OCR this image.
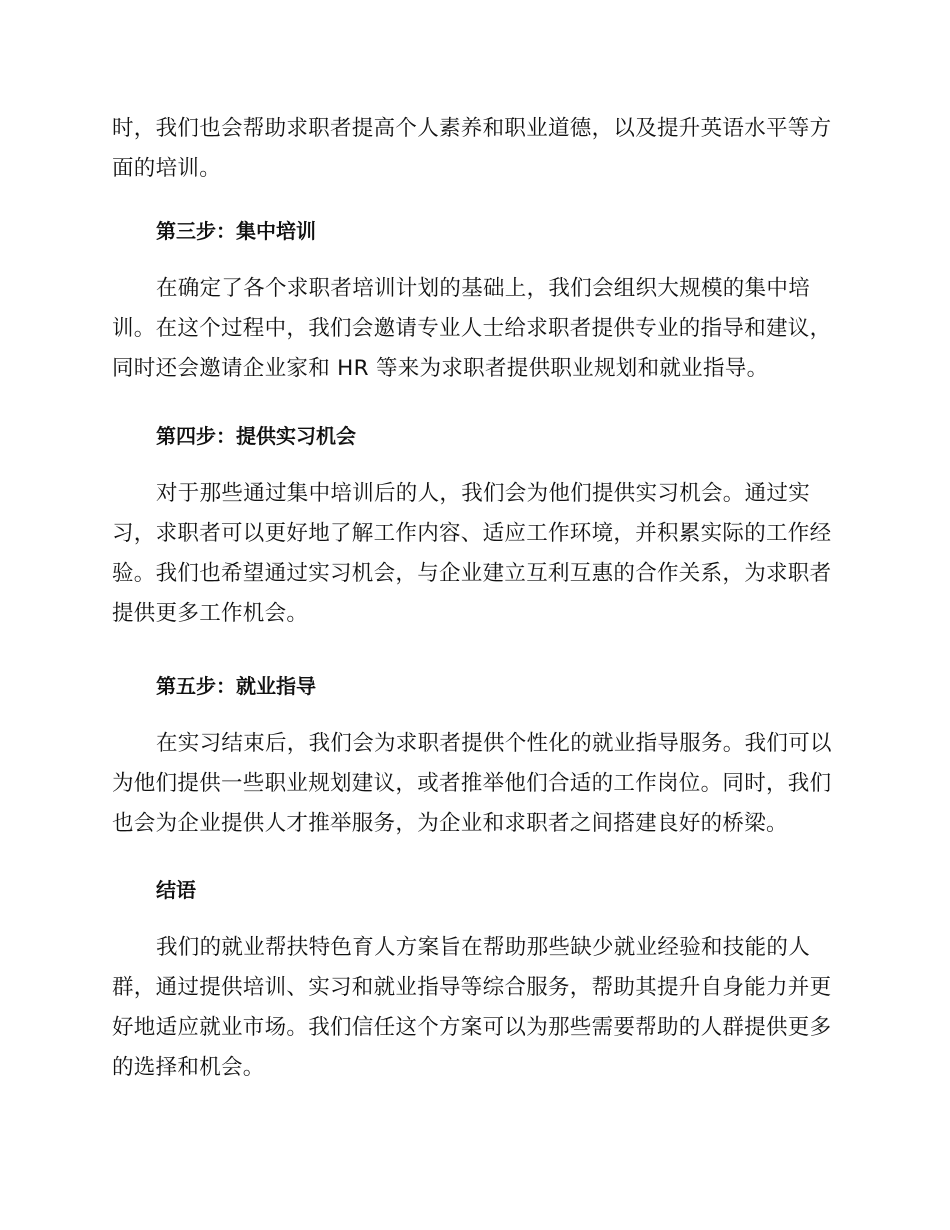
时，我们也会帮助求职者提高个人素养和职业道德，以及提升英语水平等方
面的培训。
第三步：集中培训
在确定了各个求职者培训计划的基础上，我们会组织大规模的集中培
训。在这个过程中，我们会邀请专业人士给求职者提供专业的指导和建议，
同时还会邀请企业家和 HR 等来为求职者提供职业规划和就业指导。
第四步：提供实习机会
对于那些通过集中培训后的人，我们会为他们提供实习机会。通过实
习，求职者可以更好地了解工作内容、适应工作环境，并积累实际的工作经
验。我们也希望通过实习机会，与企业建立互利互惠的合作关系，为求职者
提供更多工作机会。
第五步：就业指导
在实习结束后，我们会为求职者提供个性化的就业指导服务。我们可以
为他们提供一些职业规划建议，或者推举他们合适的工作岗位。同时，我们
也会为企业提供人才推举服务，为企业和求职者之间搭建良好的桥梁。
结语
我们的就业帮扶特色育人方案旨在帮助那些缺少就业经验和技能的人
群，通过提供培训、实习和就业指导等综合服务，帮助其提升自身能力并更
好地适应就业市场。我们信任这个方案可以为那些需要帮助的人群提供更多
的选择和机会。
